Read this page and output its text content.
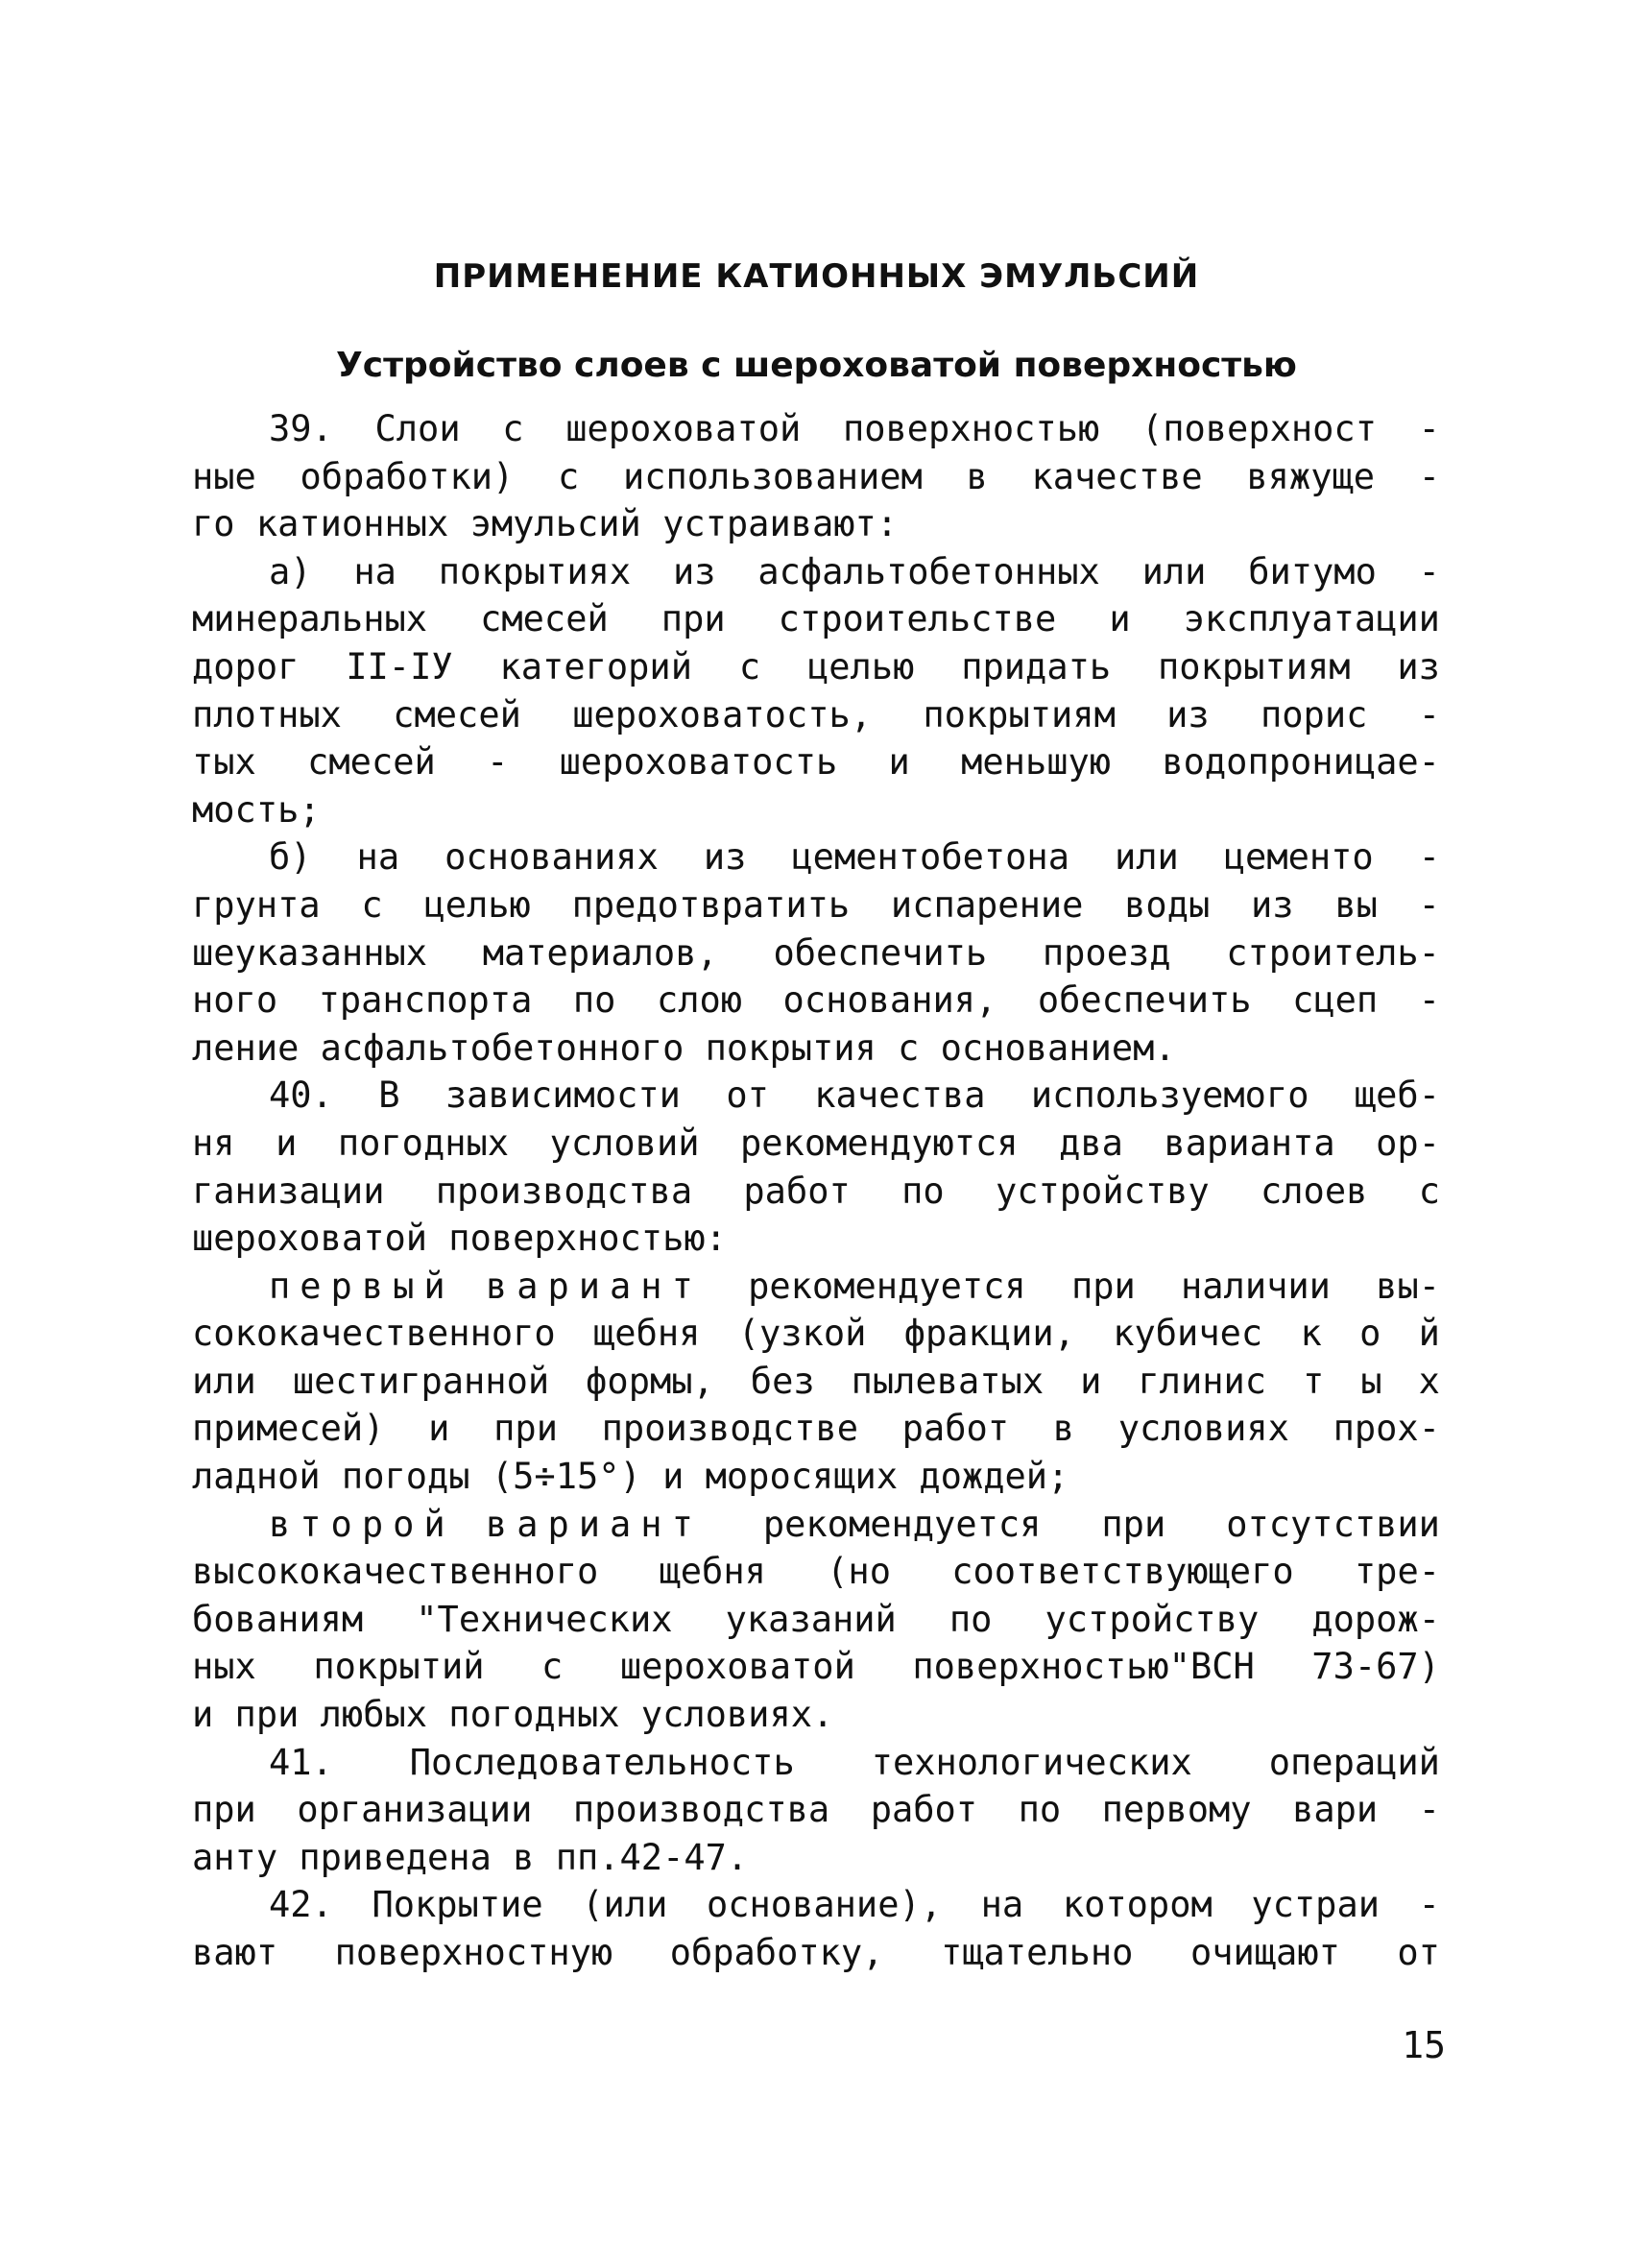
ПРИМЕНЕНИЕ КАТИОННЫХ ЭМУЛЬСИЙ
Устройство слоев с шероховатой поверхностью
39. Слои с шероховатой поверхностью (поверхност -
ные обработки) с использованием в качестве вяжуще -
го катионных эмульсий устраивают:
а) на покрытиях из асфальтобетонных или битумо -
минеральных смесей при строительстве и эксплуатации
дорог II-IУ категорий с целью придать покрытиям из
плотных смесей шероховатость, покрытиям из порис -
тых смесей - шероховатость и меньшую водопроницае-
мость;
б) на основаниях из цементобетона или цементо -
грунта с целью предотвратить испарение воды из вы -
шеуказанных материалов, обеспечить проезд строитель-
ного транспорта по слою основания, обеспечить сцеп -
ление асфальтобетонного покрытия с основанием.
40. В зависимости от качества используемого щеб-
ня и погодных условий рекомендуются два варианта ор-
ганизации производства работ по устройству слоев с
шероховатой поверхностью:
первый вариант рекомендуется при наличии вы-
сококачественного щебня (узкой фракции, кубичес к о й
или шестигранной формы, без пылеватых и глинис т ы х
примесей) и при производстве работ в условиях прох-
ладной погоды (5÷15°) и моросящих дождей;
второй вариант рекомендуется при отсутствии
высококачественного щебня (но соответствующего тре-
бованиям "Технических указаний по устройству дорож-
ных покрытий с шероховатой поверхностью"ВСН 73-67)
и при любых погодных условиях.
41. Последовательность технологических операций
при организации производства работ по первому вари -
анту приведена в пп.42-47.
42. Покрытие (или основание), на котором устраи -
вают поверхностную обработку, тщательно очищают от
15
